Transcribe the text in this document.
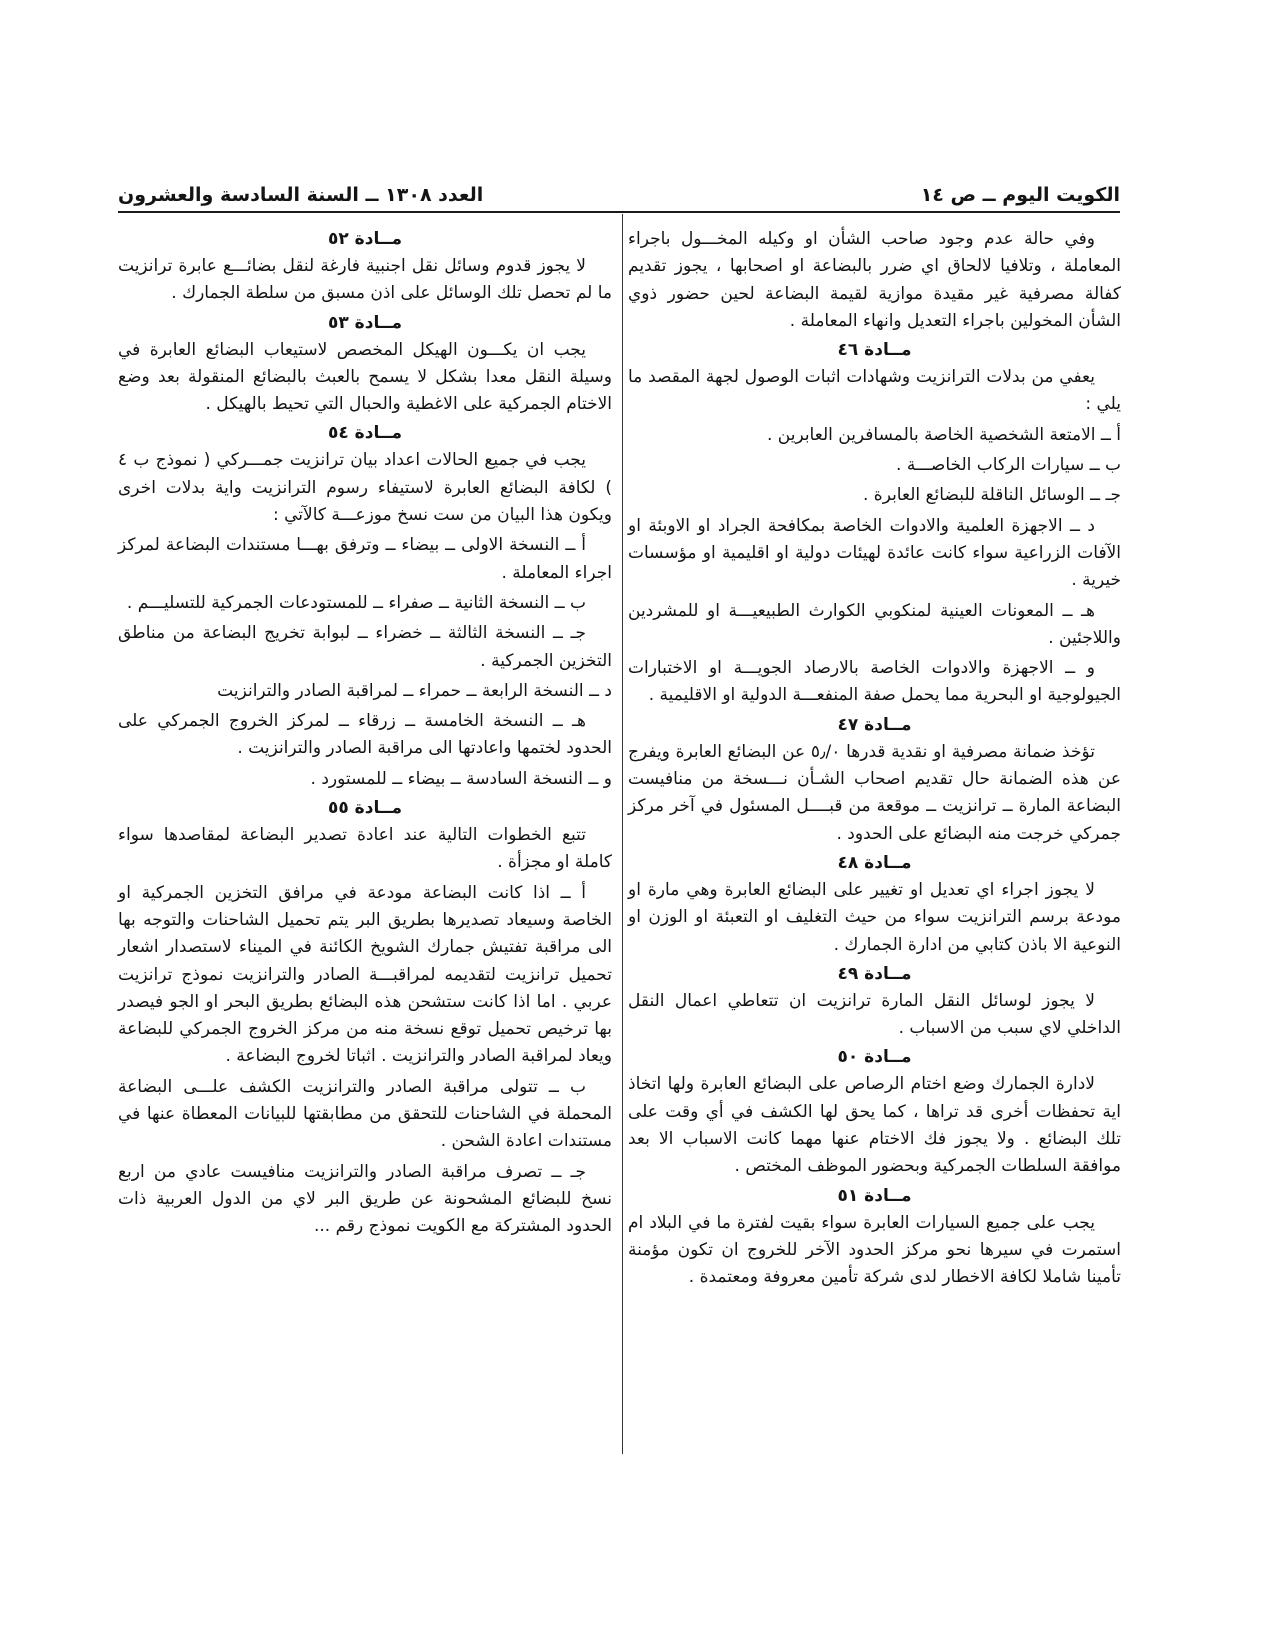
الكويت اليوم ــ ص ١٤
العدد ١٣٠٨ ــ السنة السادسة والعشرون

وفي حالة عدم وجود صاحب الشأن او وكيله المخـــول باجراء المعاملة ، وتلافيا لالحاق اي ضرر بالبضاعة او اصحابها ، يجوز تقديم كفالة مصرفية غير مقيدة موازية لقيمة البضاعة لحين حضور ذوي الشأن المخولين باجراء التعديل وانهاء المعاملة .

مــادة ٤٦

يعفي من بدلات الترانزيت وشهادات اثبات الوصول لجهة المقصد ما يلي :

أ ــ الامتعة الشخصية الخاصة بالمسافرين العابرين .

ب ــ سيارات الركاب الخاصـــة .

جـ ــ الوسائل الناقلة للبضائع العابرة .

د ــ الاجهزة العلمية والادوات الخاصة بمكافحة الجراد او الاوبئة او الآفات الزراعية سواء كانت عائدة لهيئات دولية او اقليمية او مؤسسات خيرية .

هـ ــ المعونات العينية لمنكوبي الكوارث الطبيعيـــة او للمشردين واللاجئين .

و ــ الاجهزة والادوات الخاصة بالارصاد الجويـــة او الاختبارات الجيولوجية او البحرية مما يحمل صفة المنفعـــة الدولية او الاقليمية .

مــادة ٤٧

تؤخذ ضمانة مصرفية او نقدية قدرها ٥٫/٠ عن البضائع العابرة ويفرج عن هذه الضمانة حال تقديم اصحاب الشـأن نـــسخة من منافيست البضاعة المارة ــ ترانزيت ــ موقعة من قبــــل المسئول في آخر مركز جمركي خرجت منه البضائع على الحدود .

مــادة ٤٨

لا يجوز اجراء اي تعديل او تغيير على البضائع العابرة وهي مارة او مودعة برسم الترانزيت سواء من حيث التغليف او التعبئة او الوزن او النوعية الا باذن كتابي من ادارة الجمارك .

مــادة ٤٩

لا يجوز لوسائل النقل المارة ترانزيت ان تتعاطي اعمال النقل الداخلي لاي سبب من الاسباب .

مــادة ٥٠

لادارة الجمارك وضع اختام الرصاص على البضائع العابرة ولها اتخاذ اية تحفظات أخرى قد تراها ، كما يحق لها الكشف في أي وقت على تلك البضائع . ولا يجوز فك الاختام عنها مهما كانت الاسباب الا بعد موافقة السلطات الجمركية وبحضور الموظف المختص .

مــادة ٥١

يجب على جميع السيارات العابرة سواء بقيت لفترة ما في البلاد ام استمرت في سيرها نحو مركز الحدود الآخر للخروج ان تكون مؤمنة تأمينا شاملا لكافة الاخطار لدى شركة تأمين معروفة ومعتمدة .

مــادة ٥٢

لا يجوز قدوم وسائل نقل اجنبية فارغة لنقل بضائـــع عابرة ترانزيت ما لم تحصل تلك الوسائل على اذن مسبق من سلطة الجمارك .

مــادة ٥٣

يجب ان يكـــون الهيكل المخصص لاستيعاب البضائع العابرة في وسيلة النقل معدا بشكل لا يسمح بالعبث بالبضائع المنقولة بعد وضع الاختام الجمركية على الاغطية والحبال التي تحيط بالهيكل .

مــادة ٥٤

يجب في جميع الحالات اعداد بيان ترانزيت جمـــركي ( نموذج ب ٤ ) لكافة البضائع العابرة لاستيفاء رسوم الترانزيت واية بدلات اخرى ويكون هذا البيان من ست نسخ موزعـــة كالآتي :

أ ــ النسخة الاولى ــ بيضاء ــ وترفق بهـــا مستندات البضاعة لمركز اجراء المعاملة .

ب ــ النسخة الثانية ــ صفراء ــ للمستودعات الجمركية للتسليـــم .

جـ ــ النسخة الثالثة ــ خضراء ــ لبوابة تخريج البضاعة من مناطق التخزين الجمركية .

د ــ النسخة الرابعة ــ حمراء ــ لمراقبة الصادر والترانزيت

هـ ــ النسخة الخامسة ــ زرقاء ــ لمركز الخروج الجمركي على الحدود لختمها واعادتها الى مراقبة الصادر والترانزيت .

و ــ النسخة السادسة ــ بيضاء ــ للمستورد .

مــادة ٥٥

تتبع الخطوات التالية عند اعادة تصدير البضاعة لمقاصدها سواء كاملة او مجزأة .

أ ــ اذا كانت البضاعة مودعة في مرافق التخزين الجمركية او الخاصة وسيعاد تصديرها بطريق البر يتم تحميل الشاحنات والتوجه بها الى مراقبة تفتيش جمارك الشويخ الكائنة في الميناء لاستصدار اشعار تحميل ترانزيت لتقديمه لمراقبـــة الصادر والترانزيت نموذج ترانزيت عربي . اما اذا كانت ستشحن هذه البضائع بطريق البحر او الجو فيصدر بها ترخيص تحميل توقع نسخة منه من مركز الخروج الجمركي للبضاعة ويعاد لمراقبة الصادر والترانزيت . اثباتا لخروج البضاعة .

ب ــ تتولى مراقبة الصادر والترانزيت الكشف علـــى البضاعة المحملة في الشاحنات للتحقق من مطابقتها للبيانات المعطاة عنها في مستندات اعادة الشحن .

جـ ــ تصرف مراقبة الصادر والترانزيت منافيست عادي من اربع نسخ للبضائع المشحونة عن طريق البر لاي من الدول العربية ذات الحدود المشتركة مع الكويت نموذج رقم ...
